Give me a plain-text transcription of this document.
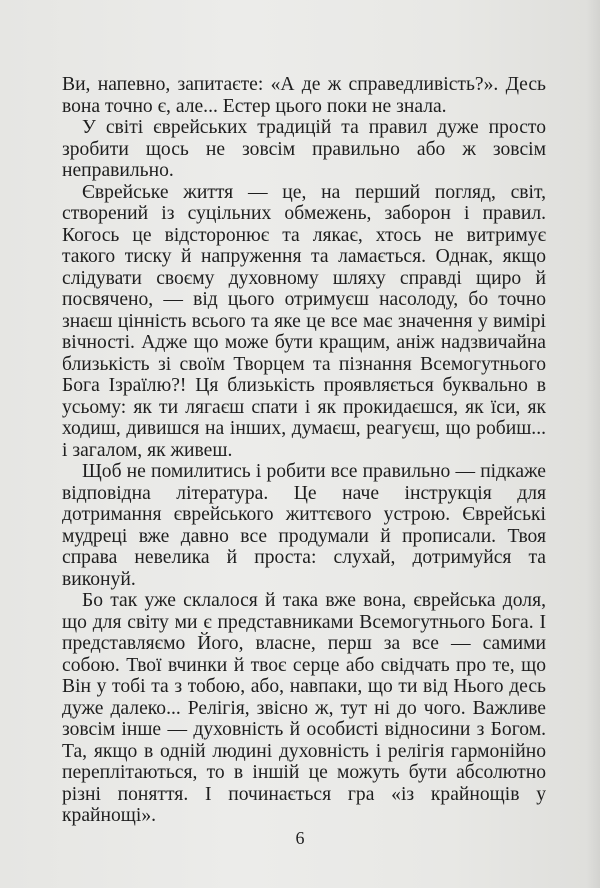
Ви, напевно, запитаєте: «А де ж справедливість?». Десь вона точно є, але... Естер цього поки не знала.

У світі єврейських традицій та правил дуже просто зробити щось не зовсім правильно або ж зовсім неправильно.

Єврейське життя — це, на перший погляд, світ, створений із суцільних обмежень, заборон і правил. Когось це відсторонює та лякає, хтось не витримує такого тиску й напруження та ламається. Однак, якщо слідувати своєму духовному шляху справді щиро й посвячено, — від цього отримуєш насолоду, бо точно знаєш цінність всього та яке це все має значення у вимірі вічності. Адже що може бути кращим, аніж надзвичайна близькість зі своїм Творцем та пізнання Всемогутнього Бога Ізраїлю?! Ця близькість проявляється буквально в усьому: як ти лягаєш спати і як прокидаєшся, як їси, як ходиш, дивишся на інших, думаєш, реагуєш, що робиш... і загалом, як живеш.

Щоб не помилитись і робити все правильно — підкаже відповідна література. Це наче інструкція для дотримання єврейського життєвого устрою. Єврейські мудреці вже давно все продумали й прописали. Твоя справа невелика й проста: слухай, дотримуйся та виконуй.

Бо так уже склалося й така вже вона, єврейська доля, що для світу ми є представниками Всемогутнього Бога. І представляємо Його, власне, перш за все — самими собою. Твої вчинки й твоє серце або свідчать про те, що Він у тобі та з тобою, або, навпаки, що ти від Нього десь дуже далеко... Релігія, звісно ж, тут ні до чого. Важливе зовсім інше — духовність й особисті відносини з Богом. Та, якщо в одній людині духовність і релігія гармонійно переплітаються, то в іншій це можуть бути абсолютно різні поняття. І починається гра «із крайнощів у крайнощі».

6
